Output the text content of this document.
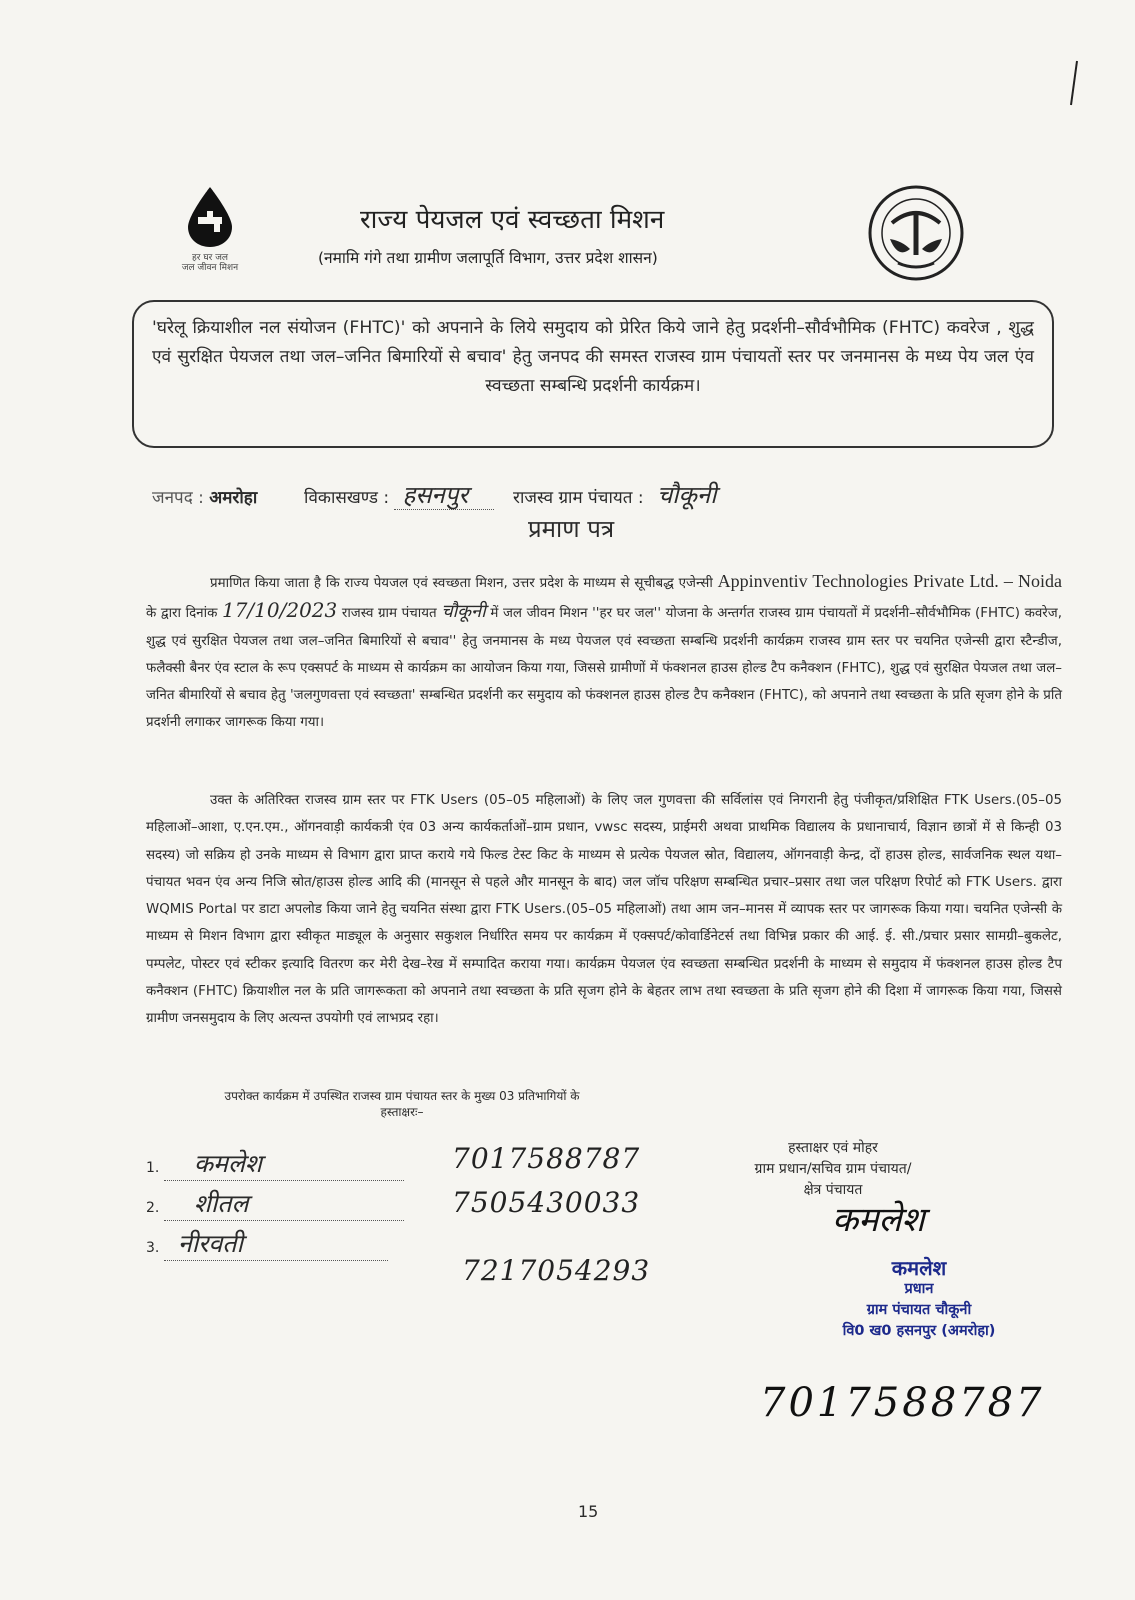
हर घर जल
जल जीवन मिशन
राज्य पेयजल एवं स्वच्छता मिशन
(नमामि गंगे तथा ग्रामीण जलापूर्ति विभाग, उत्तर प्रदेश शासन)

'घरेलू क्रियाशील नल संयोजन (FHTC)' को अपनाने के लिये समुदाय को प्रेरित किये जाने हेतु प्रदर्शनी–सौर्वभौमिक (FHTC) कवरेज , शुद्ध एवं सुरक्षित पेयजल तथा जल–जनित बिमारियों से बचाव' हेतु जनपद की समस्त राजस्व ग्राम पंचायतों स्तर पर जनमानस के मध्य पेय जल एंव स्वच्छता सम्बन्धि प्रदर्शनी कार्यक्रम।

जनपद : अमरोहा	विकासखण्ड : हसनपुर	राजस्व ग्राम पंचायत : चौकूनी
प्रमाण पत्र
प्रमाणित किया जाता है कि राज्य पेयजल एवं स्वच्छता मिशन, उत्तर प्रदेश के माध्यम से सूचीबद्ध एजेन्सी Appinventiv Technologies Private Ltd. – Noida के द्वारा दिनांक 17/10/2023 राजस्व ग्राम पंचायत चौकूनी में जल जीवन मिशन ''हर घर जल'' योजना के अन्तर्गत राजस्व ग्राम पंचायतों में प्रदर्शनी–सौर्वभौमिक (FHTC) कवरेज, शुद्ध एवं सुरक्षित पेयजल तथा जल–जनित बिमारियों से बचाव'' हेतु जनमानस के मध्य पेयजल एवं स्वच्छता सम्बन्धि प्रदर्शनी कार्यक्रम राजस्व ग्राम स्तर पर चयनित एजेन्सी द्वारा स्टैन्डीज, फलैक्सी बैनर एंव स्टाल के रूप एक्सपर्ट के माध्यम से कार्यक्रम का आयोजन किया गया, जिससे ग्रामीणों में फंक्शनल हाउस होल्ड टैप कनैक्शन (FHTC), शुद्ध एवं सुरक्षित पेयजल तथा जल–जनित बीमारियों से बचाव हेतु 'जलगुणवत्ता एवं स्वच्छता' सम्बन्धित प्रदर्शनी कर समुदाय को फंक्शनल हाउस होल्ड टैप कनैक्शन (FHTC), को अपनाने तथा स्वच्छता के प्रति सृजग होने के प्रति प्रदर्शनी लगाकर जागरूक किया गया।
उक्त के अतिरिक्त राजस्व ग्राम स्तर पर FTK Users (05–05 महिलाओं) के लिए जल गुणवत्ता की सर्विलांस एवं निगरानी हेतु पंजीकृत/प्रशिक्षित FTK Users.(05–05 महिलाओं–आशा, ए.एन.एम., ऑगनवाड़ी कार्यकत्री एंव 03 अन्य कार्यकर्ताओं–ग्राम प्रधान, vwsc सदस्य, प्राईमरी अथवा प्राथमिक विद्यालय के प्रधानाचार्य, विज्ञान छात्रों में से किन्ही 03 सदस्य) जो सक्रिय हो उनके माध्यम से विभाग द्वारा प्राप्त कराये गये फिल्ड टेस्ट किट के माध्यम से प्रत्येक पेयजल स्रोत, विद्यालय, ऑगनवाड़ी केन्द्र, दों हाउस होल्ड, सार्वजनिक स्थल यथा–पंचायत भवन एंव अन्य निजि स्रोत/हाउस होल्ड आदि की (मानसून से पहले और मानसून के बाद) जल जॉच परिक्षण सम्बन्धित प्रचार–प्रसार तथा जल परिक्षण रिपोर्ट को FTK Users. द्वारा WQMIS Portal पर डाटा अपलोड किया जाने हेतु चयनित संस्था द्वारा FTK Users.(05–05 महिलाओं) तथा आम जन–मानस में व्यापक स्तर पर जागरूक किया गया। चयनित एजेन्सी के माध्यम से मिशन विभाग द्वारा स्वीकृत माड्यूल के अनुसार सकुशल निर्धारित समय पर कार्यक्रम में एक्सपर्ट/कोवार्डिनेटर्स तथा विभिन्न प्रकार की आई. ई. सी./प्रचार प्रसार सामग्री–बुकलेट, पम्पलेट, पोस्टर एवं स्टीकर इत्यादि वितरण कर मेरी देख–रेख में सम्पादित कराया गया। कार्यक्रम पेयजल एंव स्वच्छता सम्बन्धित प्रदर्शनी के माध्यम से समुदाय में फंक्शनल हाउस होल्ड टैप कनैक्शन (FHTC) क्रियाशील नल के प्रति जागरूकता को अपनाने तथा स्वच्छता के प्रति सृजग होने के बेहतर लाभ तथा स्वच्छता के प्रति सृजग होने की दिशा में जागरूक किया गया, जिससे ग्रामीण जनसमुदाय के लिए अत्यन्त उपयोगी एवं लाभप्रद रहा।
उपरोक्त कार्यक्रम में उपस्थित राजस्व ग्राम पंचायत स्तर के मुख्य 03 प्रतिभागियों के
हस्ताक्षरः–
1. कमलेश
2. शीतल
3. नीरवती
7017588787
7505430033
7217054293
हस्ताक्षर एवं मोहर
ग्राम प्रधान/सचिव ग्राम पंचायत/
क्षेत्र पंचायत
कमलेश
कमलेश
प्रधान
ग्राम पंचायत चौकूनी
वि0 ख0 हसनपुर (अमरोहा)
7017588787
15
